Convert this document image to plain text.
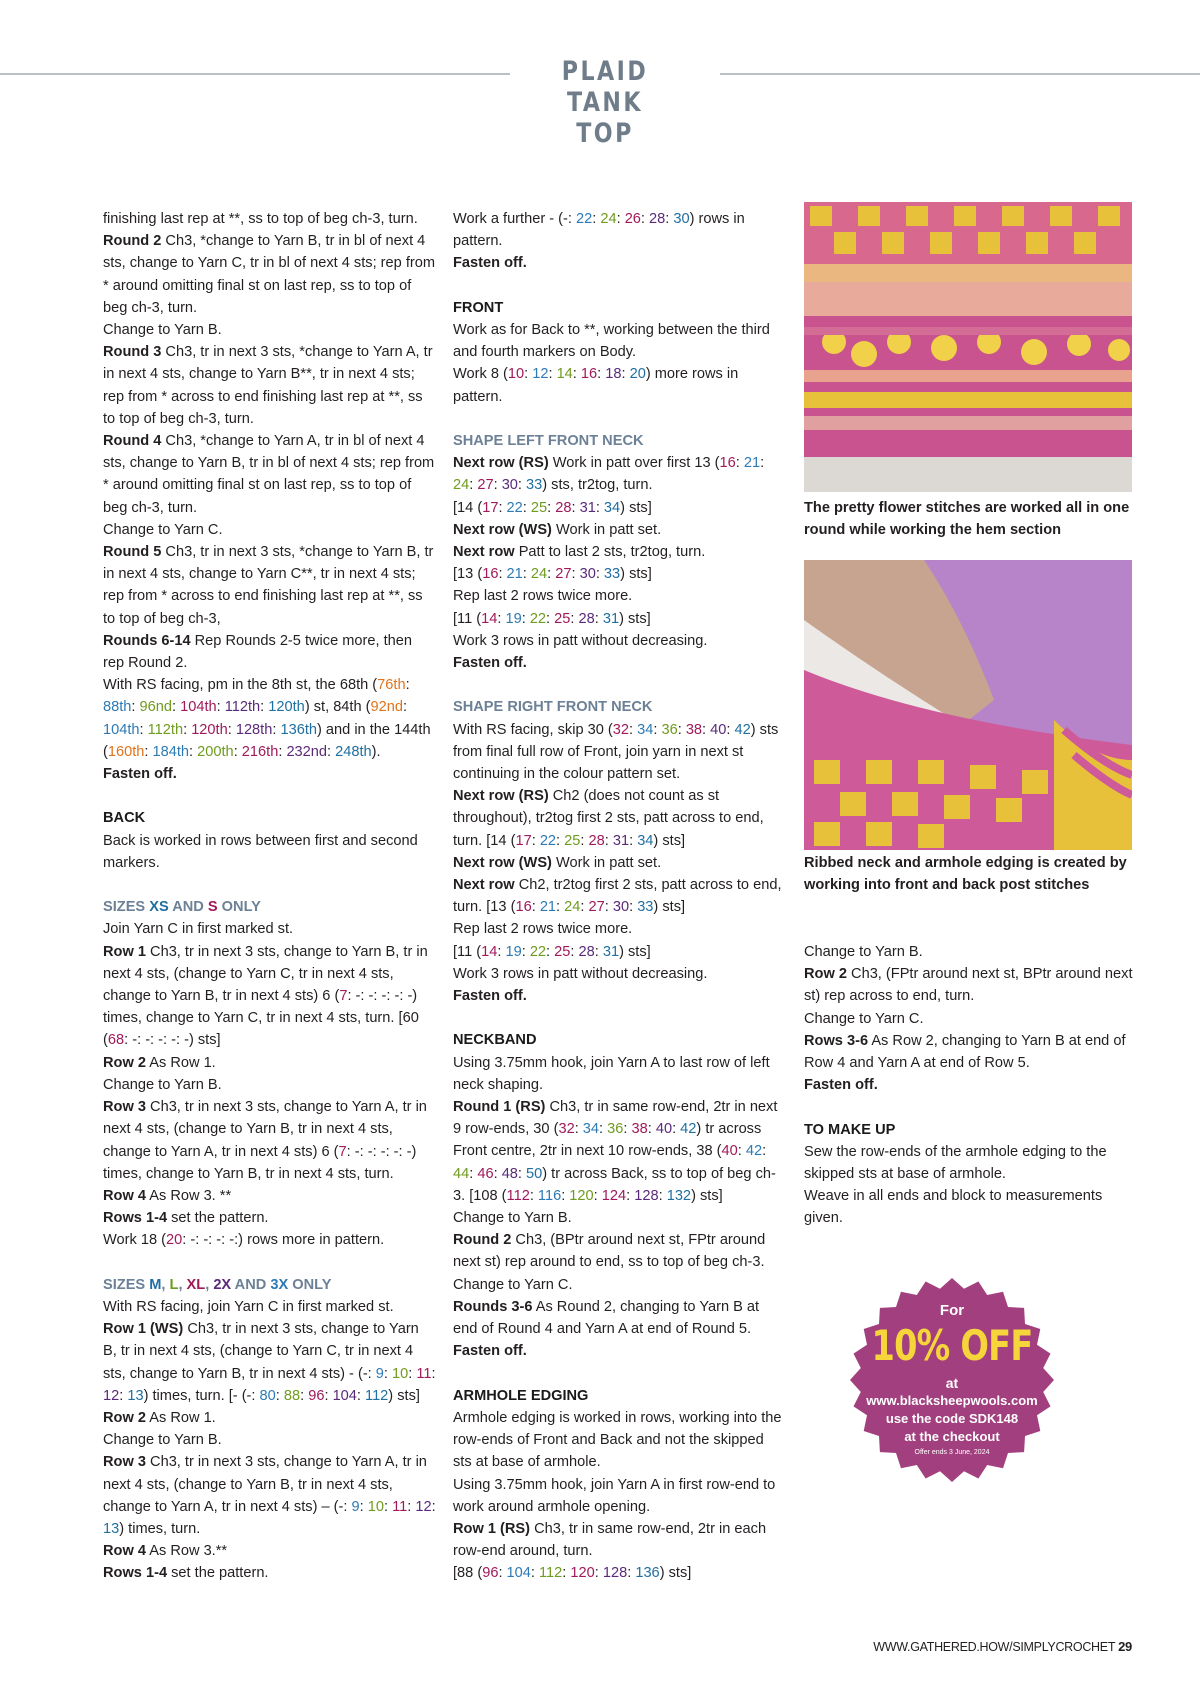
PLAID TANK TOP

finishing last rep at **, ss to top of beg ch-3, turn.

Round 2 Ch3, *change to Yarn B, tr in bl of next 4 sts, change to Yarn C, tr in bl of next 4 sts; rep from * around omitting final st on last rep, ss to top of beg ch-3, turn.

Change to Yarn B.

Round 3 Ch3, tr in next 3 sts, *change to Yarn A, tr in next 4 sts, change to Yarn B**, tr in next 4 sts; rep from * across to end finishing last rep at **, ss to top of beg ch-3, turn.

Round 4 Ch3, *change to Yarn A, tr in bl of next 4 sts, change to Yarn B, tr in bl of next 4 sts; rep from * around omitting final st on last rep, ss to top of beg ch-3, turn.

Change to Yarn C.

Round 5 Ch3, tr in next 3 sts, *change to Yarn B, tr in next 4 sts, change to Yarn C**, tr in next 4 sts; rep from * across to end finishing last rep at **, ss to top of beg ch-3,

Rounds 6-14 Rep Rounds 2-5 twice more, then rep Round 2.

With RS facing, pm in the 8th st, the 68th (76th: 88th: 96nd: 104th: 112th: 120th) st, 84th (92nd: 104th: 112th: 120th: 128th: 136th) and in the 144th (160th: 184th: 200th: 216th: 232nd: 248th).

Fasten off.

BACK

Back is worked in rows between first and second markers.

SIZES XS AND S ONLY

Join Yarn C in first marked st.

Row 1 Ch3, tr in next 3 sts, change to Yarn B, tr in next 4 sts, (change to Yarn C, tr in next 4 sts, change to Yarn B, tr in next 4 sts) 6 (7: -: -: -: -: -) times, change to Yarn C, tr in next 4 sts, turn. [60 (68: -: -: -: -: -) sts]

Row 2 As Row 1.

Change to Yarn B.

Row 3 Ch3, tr in next 3 sts, change to Yarn A, tr in next 4 sts, (change to Yarn B, tr in next 4 sts, change to Yarn A, tr in next 4 sts) 6 (7: -: -: -: -: -) times, change to Yarn B, tr in next 4 sts, turn.

Row 4 As Row 3. **

Rows 1-4 set the pattern.

Work 18 (20: -: -: -: -:) rows more in pattern.

SIZES M, L, XL, 2X AND 3X ONLY

With RS facing, join Yarn C in first marked st.

Row 1 (WS) Ch3, tr in next 3 sts, change to Yarn B, tr in next 4 sts, (change to Yarn C, tr in next 4 sts, change to Yarn B, tr in next 4 sts) - (-: 9: 10: 11: 12: 13) times, turn. [- (-: 80: 88: 96: 104: 112) sts]

Row 2 As Row 1.

Change to Yarn B.

Row 3 Ch3, tr in next 3 sts, change to Yarn A, tr in next 4 sts, (change to Yarn B, tr in next 4 sts, change to Yarn A, tr in next 4 sts) – (-: 9: 10: 11: 12: 13) times, turn.

Row 4 As Row 3.**

Rows 1-4 set the pattern.

Work a further - (-: 22: 24: 26: 28: 30) rows in pattern.

Fasten off.

FRONT

Work as for Back to **, working between the third and fourth markers on Body.

Work 8 (10: 12: 14: 16: 18: 20) more rows in pattern.

SHAPE LEFT FRONT NECK

Next row (RS) Work in patt over first 13 (16: 21: 24: 27: 30: 33) sts, tr2tog, turn.

[14 (17: 22: 25: 28: 31: 34) sts]

Next row (WS) Work in patt set.

Next row Patt to last 2 sts, tr2tog, turn.

[13 (16: 21: 24: 27: 30: 33) sts]

Rep last 2 rows twice more.

[11 (14: 19: 22: 25: 28: 31) sts]

Work 3 rows in patt without decreasing.

Fasten off.

SHAPE RIGHT FRONT NECK

With RS facing, skip 30 (32: 34: 36: 38: 40: 42) sts from final full row of Front, join yarn in next st continuing in the colour pattern set.

Next row (RS) Ch2 (does not count as st throughout), tr2tog first 2 sts, patt across to end, turn. [14 (17: 22: 25: 28: 31: 34) sts]

Next row (WS) Work in patt set.

Next row Ch2, tr2tog first 2 sts, patt across to end, turn. [13 (16: 21: 24: 27: 30: 33) sts]

Rep last 2 rows twice more.

[11 (14: 19: 22: 25: 28: 31) sts]

Work 3 rows in patt without decreasing.

Fasten off.

NECKBAND

Using 3.75mm hook, join Yarn A to last row of left neck shaping.

Round 1 (RS) Ch3, tr in same row-end, 2tr in next 9 row-ends, 30 (32: 34: 36: 38: 40: 42) tr across Front centre, 2tr in next 10 row-ends, 38 (40: 42: 44: 46: 48: 50) tr across Back, ss to top of beg ch-3. [108 (112: 116: 120: 124: 128: 132) sts]

Change to Yarn B.

Round 2 Ch3, (BPtr around next st, FPtr around next st) rep around to end, ss to top of beg ch-3.

Change to Yarn C.

Rounds 3-6 As Round 2, changing to Yarn B at end of Round 4 and Yarn A at end of Round 5.

Fasten off.

ARMHOLE EDGING

Armhole edging is worked in rows, working into the row-ends of Front and Back and not the skipped sts at base of armhole.

Using 3.75mm hook, join Yarn A in first row-end to work around armhole opening.

Row 1 (RS) Ch3, tr in same row-end, 2tr in each row-end around, turn.

[88 (96: 104: 112: 120: 128: 136) sts]

Change to Yarn B.

Row 2 Ch3, (FPtr around next st, BPtr around next st) rep across to end, turn.

Change to Yarn C.

Rows 3-6 As Row 2, changing to Yarn B at end of Row 4 and Yarn A at end of Row 5.

Fasten off.

TO MAKE UP

Sew the row-ends of the armhole edging to the skipped sts at base of armhole.

Weave in all ends and block to measurements given.

The pretty flower stitches are worked all in one round while working the hem section
Ribbed neck and armhole edging is created by working into front and back post stitches
For
10% OFF
at
www.blacksheepwools.com
use the code SDK148
at the checkout
Offer ends 3 June, 2024
WWW.GATHERED.HOW/SIMPLYCROCHET 29
